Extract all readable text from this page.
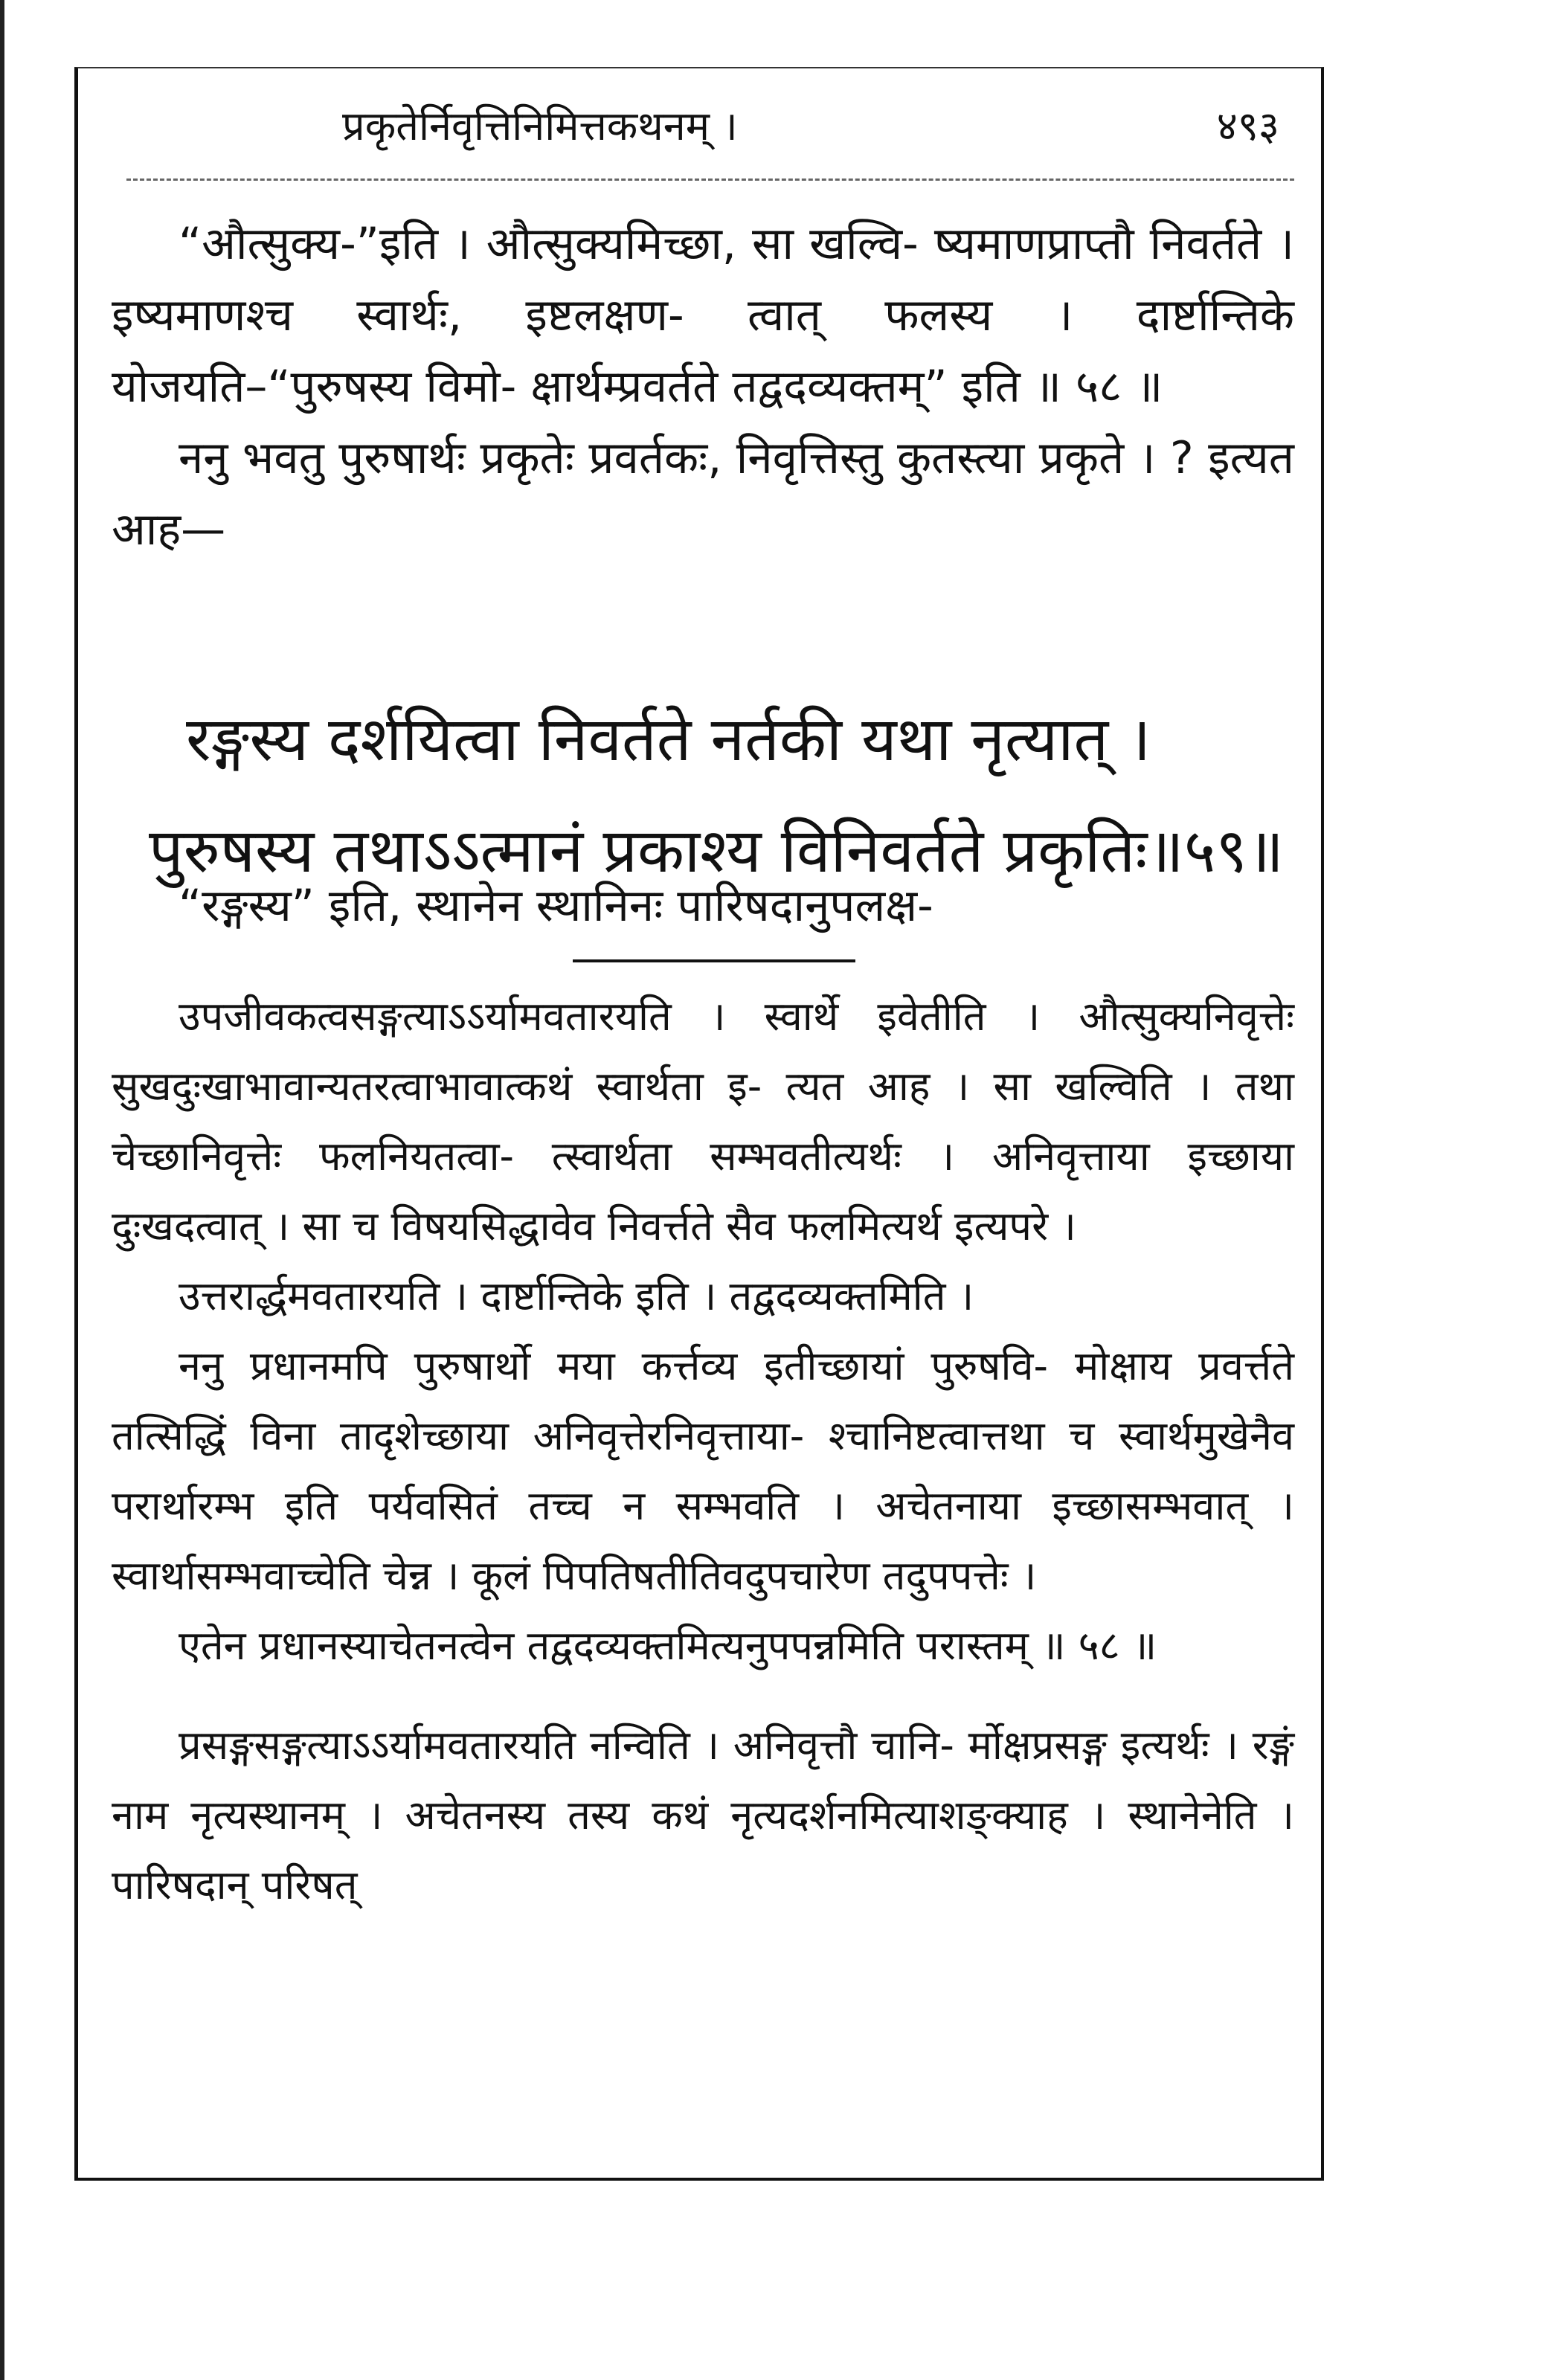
प्रकृतेर्निवृत्तिनिमित्तकथनम् ।	४९३

“औत्सुक्य-”इति । औत्सुक्यमिच्छा, सा खल्वि- ष्यमाणप्राप्तौ निवर्तते । इष्यमाणश्च स्वार्थः, इष्टलक्षण- त्वात् फलस्य । दार्ष्टान्तिके योजयति–“पुरुषस्य विमो- क्षार्थम्प्रवर्तते तद्वदव्यक्तम्” इति ॥ ५८ ॥

ननु भवतु पुरुषार्थः प्रकृतेः प्रवर्तकः, निवृत्तिस्तु कुतस्त्या प्रकृते । ? इत्यत आह—

रङ्गस्य दर्शयित्वा निवर्तते नर्तकी यथा नृत्यात् ।
पुरुषस्य तथाऽऽत्मानं प्रकाश्य विनिवर्तते प्रकृतिः॥५९॥
“रङ्गस्य” इति, स्थानेन स्थानिनः पारिषदानुपलक्ष-

उपजीवकत्वसङ्गत्याऽऽर्यामवतारयति । स्वार्थे इवेतीति । औत्सुक्यनिवृत्तेः सुखदुःखाभावान्यतरत्वाभावात्कथं स्वार्थता इ- त्यत आह । सा खल्विति । तथा चेच्छानिवृत्तेः फलनियतत्वा- त्स्वार्थता सम्भवतीत्यर्थः । अनिवृत्ताया इच्छाया दुःखदत्वात् । सा च विषयसिद्धावेव निवर्त्तते सैव फलमित्यर्थ इत्यपरे ।

उत्तरार्द्धमवतारयति । दार्ष्टान्तिके इति । तद्वदव्यक्तमिति ।

ननु प्रधानमपि पुरुषार्थो मया कर्त्तव्य इतीच्छायां पुरुषवि- मोक्षाय प्रवर्त्तते तत्सिद्धिं विना तादृशेच्छाया अनिवृत्तेरनिवृत्ताया- श्चानिष्टत्वात्तथा च स्वार्थमुखेनैव परार्थारम्भ इति पर्यवसितं तच्च न सम्भवति । अचेतनाया इच्छासम्भवात् । स्वार्थासम्भवाच्चेति चेन्न । कूलं पिपतिषतीतिवदुपचारेण तदुपपत्तेः ।

एतेन प्रधानस्याचेतनत्वेन तद्वदव्यक्तमित्यनुपपन्नमिति परास्तम् ॥ ५८ ॥

प्रसङ्गसङ्गत्याऽऽर्यामवतारयति नन्विति । अनिवृत्तौ चानि- र्मोक्षप्रसङ्ग इत्यर्थः । रङ्गं नाम नृत्यस्थानम् । अचेतनस्य तस्य कथं नृत्यदर्शनमित्याशङ्क्याह । स्थानेनेति । पारिषदान् परिषत्
